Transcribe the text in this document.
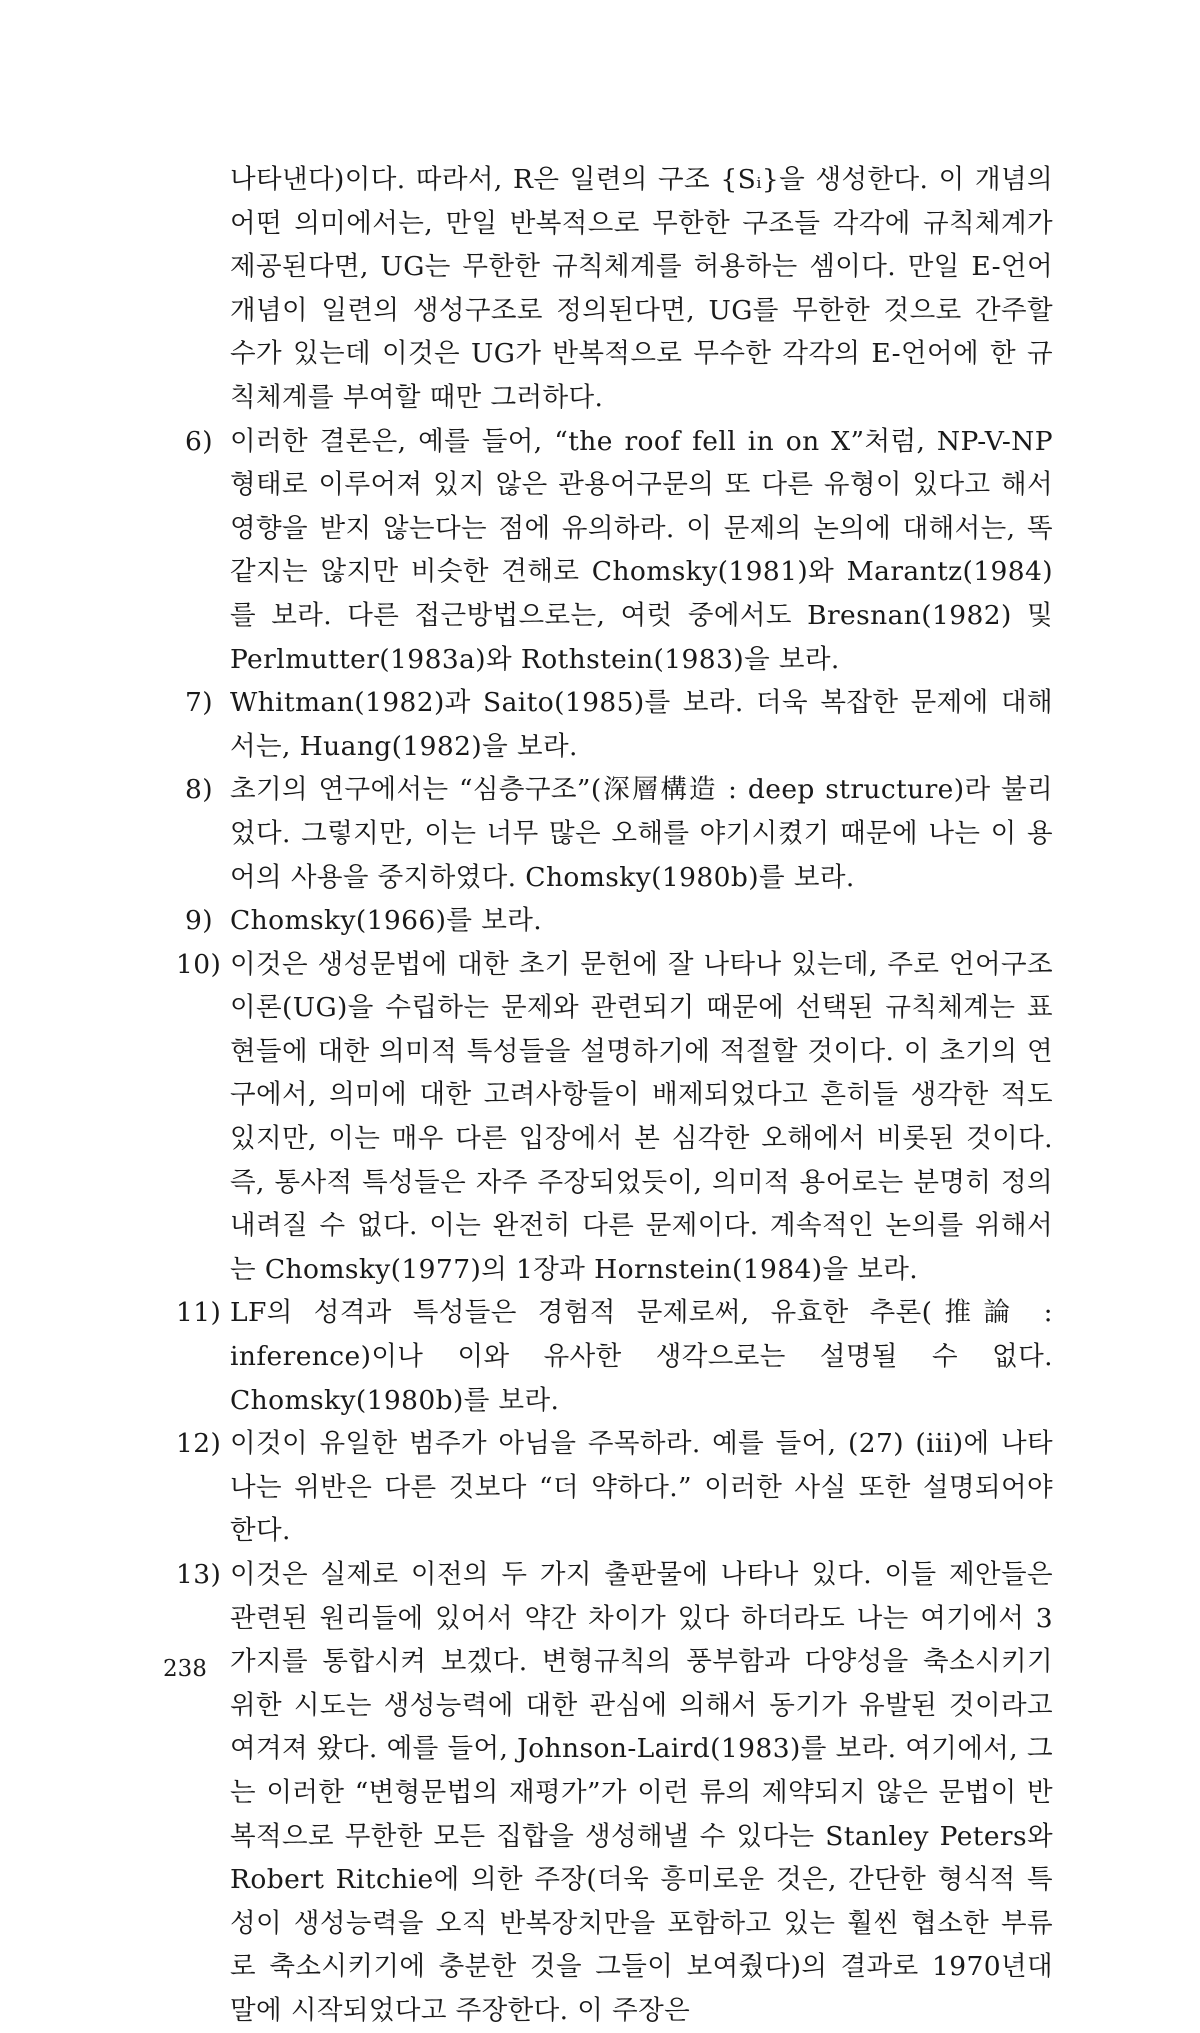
나타낸다)이다. 따라서, R은 일련의 구조 {Sᵢ}을 생성한다. 이 개념의 어떤 의미에서는, 만일 반복적으로 무한한 구조들 각각에 규칙체계가 제공된다면, UG는 무한한 규칙체계를 허용하는 셈이다. 만일 E-언어개념이 일련의 생성구조로 정의된다면, UG를 무한한 것으로 간주할 수가 있는데 이것은 UG가 반복적으로 무수한 각각의 E-언어에 한 규칙체계를 부여할 때만 그러하다.

6) 이러한 결론은, 예를 들어, “the roof fell in on X”처럼, NP-V-NP 형태로 이루어져 있지 않은 관용어구문의 또 다른 유형이 있다고 해서 영향을 받지 않는다는 점에 유의하라. 이 문제의 논의에 대해서는, 똑같지는 않지만 비슷한 견해로 Chomsky(1981)와 Marantz(1984)를 보라. 다른 접근방법으로는, 여럿 중에서도 Bresnan(1982) 및 Perlmutter(1983a)와 Rothstein(1983)을 보라.

7) Whitman(1982)과 Saito(1985)를 보라. 더욱 복잡한 문제에 대해서는, Huang(1982)을 보라.

8) 초기의 연구에서는 “심층구조”(深層構造 : deep structure)라 불리었다. 그렇지만, 이는 너무 많은 오해를 야기시켰기 때문에 나는 이 용어의 사용을 중지하였다. Chomsky(1980b)를 보라.

9) Chomsky(1966)를 보라.

10) 이것은 생성문법에 대한 초기 문헌에 잘 나타나 있는데, 주로 언어구조이론(UG)을 수립하는 문제와 관련되기 때문에 선택된 규칙체계는 표현들에 대한 의미적 특성들을 설명하기에 적절할 것이다. 이 초기의 연구에서, 의미에 대한 고려사항들이 배제되었다고 흔히들 생각한 적도 있지만, 이는 매우 다른 입장에서 본 심각한 오해에서 비롯된 것이다. 즉, 통사적 특성들은 자주 주장되었듯이, 의미적 용어로는 분명히 정의내려질 수 없다. 이는 완전히 다른 문제이다. 계속적인 논의를 위해서는 Chomsky(1977)의 1장과 Hornstein(1984)을 보라.

11) LF의 성격과 특성들은 경험적 문제로써, 유효한 추론(推論 : inference)이나 이와 유사한 생각으로는 설명될 수 없다. Chomsky(1980b)를 보라.

12) 이것이 유일한 범주가 아님을 주목하라. 예를 들어, (27) (iii)에 나타나는 위반은 다른 것보다 “더 약하다.” 이러한 사실 또한 설명되어야 한다.

13) 이것은 실제로 이전의 두 가지 출판물에 나타나 있다. 이들 제안들은 관련된 원리들에 있어서 약간 차이가 있다 하더라도 나는 여기에서 3가지를 통합시켜 보겠다. 변형규칙의 풍부함과 다양성을 축소시키기 위한 시도는 생성능력에 대한 관심에 의해서 동기가 유발된 것이라고 여겨져 왔다. 예를 들어, Johnson-Laird(1983)를 보라. 여기에서, 그는 이러한 “변형문법의 재평가”가 이런 류의 제약되지 않은 문법이 반복적으로 무한한 모든 집합을 생성해낼 수 있다는 Stanley Peters와 Robert Ritchie에 의한 주장(더욱 흥미로운 것은, 간단한 형식적 특성이 생성능력을 오직 반복장치만을 포함하고 있는 훨씬 협소한 부류로 축소시키기에 충분한 것을 그들이 보여줬다)의 결과로 1970년대 말에 시작되었다고 주장한다. 이 주장은

238
